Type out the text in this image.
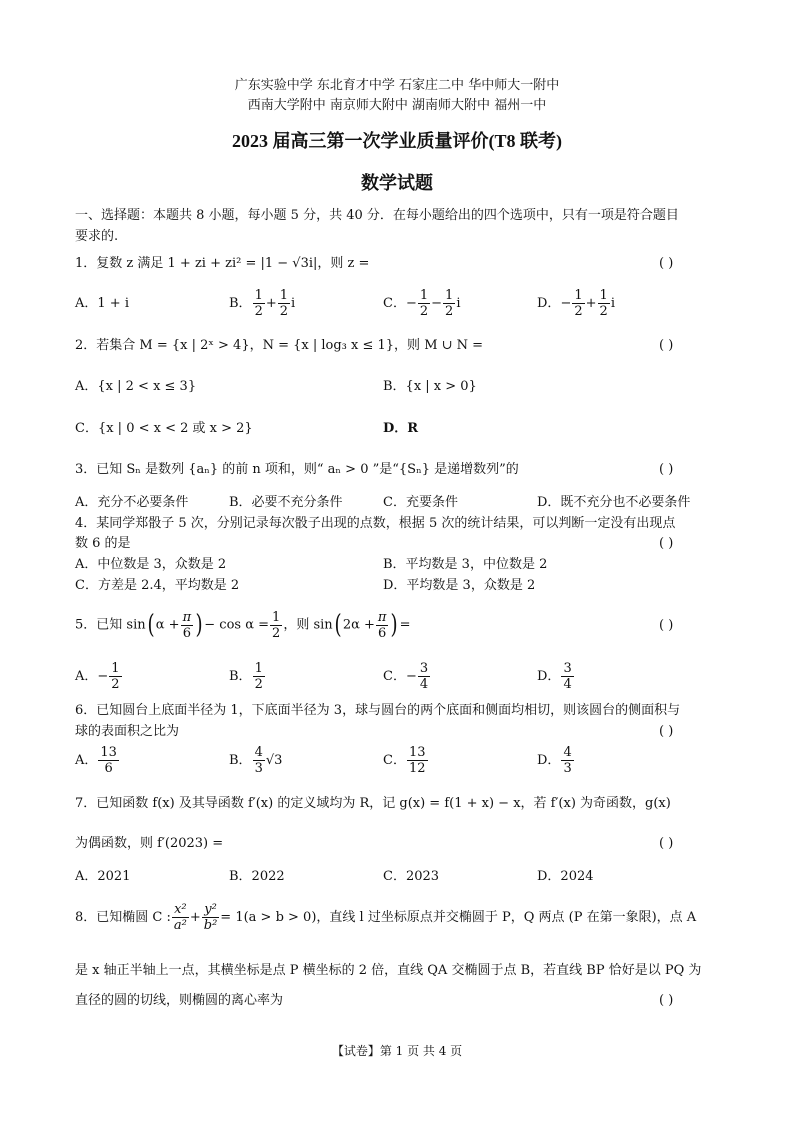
广东实验中学 东北育才中学 石家庄二中 华中师大一附中
西南大学附中 南京师大附中 湖南师大附中 福州一中
2023 届高三第一次学业质量评价(T8 联考)
数学试题
一、选择题：本题共 8 小题，每小题 5 分，共 40 分．在每小题给出的四个选项中，只有一项是符合题目
要求的.
1．复数 z 满足 1 + zi + zi² = |1 − √3i|，则 z =	( )
A．1 + i	B． $\frac{1}{2} + \frac{1}{2}$ i	C．− $\frac{1}{2} - \frac{1}{2}$ i	D．− $\frac{1}{2} + \frac{1}{2}$ i
2．若集合 M = {x | 2ˣ > 4}，N = {x | log₃ x ≤ 1}，则 M ∪ N =	( )
A．{x | 2 < x ≤ 3}	B．{x | x > 0}
C．{x | 0 < x < 2 或 x > 2}	D．R
3．已知 Sₙ 是数列 {aₙ} 的前 n 项和，则“ aₙ > 0 ”是“{Sₙ} 是递增数列”的	( )
A．充分不必要条件	B．必要不充分条件	C．充要条件	D．既不充分也不必要条件
4．某同学郑骰子 5 次，分别记录每次骰子出现的点数，根据 5 次的统计结果，可以判断一定没有出现点
数 6 的是	( )
A．中位数是 3，众数是 2	B．平均数是 3，中位数是 2
C．方差是 2.4，平均数是 2	D．平均数是 3，众数是 2
5．已知 sin( $\alpha + \frac{\pi}{6}$ ) − $\cos \alpha = \frac{1}{2}$ ，则 sin( $2\alpha + \frac{\pi}{6}$ ) =	( )
A．− $\frac{1}{2}$	B． $\frac{1}{2}$	C．− $\frac{3}{4}$	D． $\frac{3}{4}$
6．已知圆台上底面半径为 1，下底面半径为 3，球与圆台的两个底面和侧面均相切，则该圆台的侧面积与
球的表面积之比为	( )
A． $\frac{13}{6}$	B． $\frac{4}{3} √3$	C． $\frac{13}{12}$	D． $\frac{4}{3}$
7．已知函数 f(x) 及其导函数 f′(x) 的定义域均为 R，记 g(x) = f(1 + x) − x，若 f′(x) 为奇函数，g(x)
为偶函数，则 f′(2023) =	( )
A．2021	B．2022	C．2023	D．2024
8．已知椭圆 C : $\frac{\text{x²}}{\text{a²}} + \frac{\text{y²}}{\text{b²}} = 1(a > b > 0)$，直线 l 过坐标原点并交椭圆于 P，Q 两点 (P 在第一象限)，点 A
是 x 轴正半轴上一点，其横坐标是点 P 横坐标的 2 倍，直线 QA 交椭圆于点 B，若直线 BP 恰好是以 PQ 为
直径的圆的切线，则椭圆的离心率为	( )
【试卷】第 1 页 共 4 页
